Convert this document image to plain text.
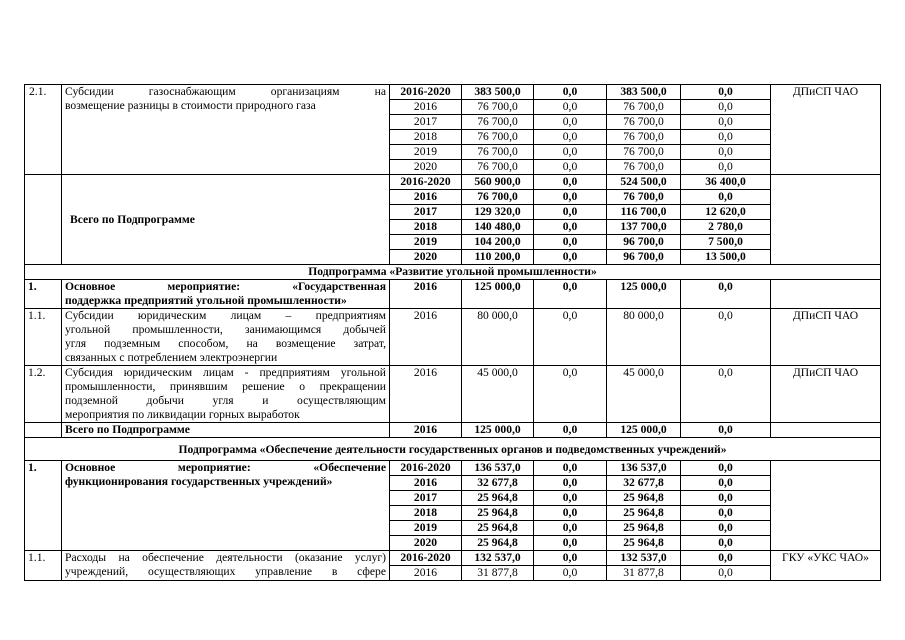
2.1.	Субсидии газоснабжающим организациям на
возмещение разницы в стоимости природного газа	2016-2020	383 500,0	0,0	383 500,0	0,0	ДПиСП ЧАО
		2016	76 700,0	0,0	76 700,0	0,0	
		2017	76 700,0	0,0	76 700,0	0,0	
		2018	76 700,0	0,0	76 700,0	0,0	
		2019	76 700,0	0,0	76 700,0	0,0	
		2020	76 700,0	0,0	76 700,0	0,0	
	Всего по Подпрограмме	2016-2020	560 900,0	0,0	524 500,0	36 400,0	
		2016	76 700,0	0,0	76 700,0	0,0	
		2017	129 320,0	0,0	116 700,0	12 620,0	
		2018	140 480,0	0,0	137 700,0	2 780,0	
		2019	104 200,0	0,0	96 700,0	7 500,0	
		2020	110 200,0	0,0	96 700,0	13 500,0	
Подпрограмма «Развитие угольной промышленности»							
1.	Основное мероприятие: «Государственная
поддержка предприятий угольной промышленности»	2016	125 000,0	0,0	125 000,0	0,0	
1.1.	Субсидии юридическим лицам – предприятиям
угольной промышленности, занимающимся добычей
угля подземным способом, на возмещение затрат,
связанных с потреблением электроэнергии	2016	80 000,0	0,0	80 000,0	0,0	ДПиСП ЧАО
1.2.	Субсидия юридическим лицам - предприятиям угольной
промышленности, принявшим решение о прекращении
подземной добычи угля и осуществляющим
мероприятия по ликвидации горных выработок	2016	45 000,0	0,0	45 000,0	0,0	ДПиСП ЧАО
	Всего по Подпрограмме	2016	125 000,0	0,0	125 000,0	0,0	
Подпрограмма «Обеспечение деятельности государственных органов и подведомственных учреждений»							
1.	Основное мероприятие: «Обеспечение
функционирования государственных учреждений»	2016-2020	136 537,0	0,0	136 537,0	0,0	
		2016	32 677,8	0,0	32 677,8	0,0	
		2017	25 964,8	0,0	25 964,8	0,0	
		2018	25 964,8	0,0	25 964,8	0,0	
		2019	25 964,8	0,0	25 964,8	0,0	
		2020	25 964,8	0,0	25 964,8	0,0	
1.1.	Расходы на обеспечение деятельности (оказание услуг)
учреждений, осуществляющих управление в сфере	2016-2020	132 537,0	0,0	132 537,0	0,0	ГКУ «УКС ЧАО»
		2016	31 877,8	0,0	31 877,8	0,0	
